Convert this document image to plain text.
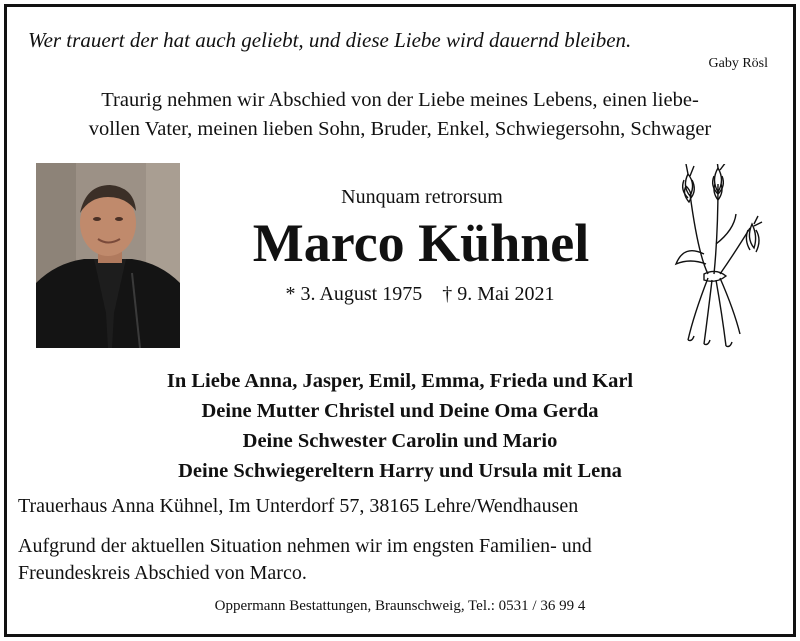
Wer trauert der hat auch geliebt, und diese Liebe wird dauernd bleiben.
Gaby Rösl
Traurig nehmen wir Abschied von der Liebe meines Lebens, einen liebe-
vollen Vater, meinen lieben Sohn, Bruder, Enkel, Schwiegersohn, Schwager
Nunquam retrorsum
Marco Kühnel
* 3. August 1975    † 9. Mai 2021
In Liebe Anna, Jasper, Emil, Emma, Frieda und Karl
Deine Mutter Christel und Deine Oma Gerda
Deine Schwester Carolin und Mario
Deine Schwiegereltern Harry und Ursula mit Lena
Trauerhaus Anna Kühnel, Im Unterdorf 57, 38165 Lehre/Wendhausen
Aufgrund der aktuellen Situation nehmen wir im engsten Familien- und
Freundeskreis Abschied von Marco.
Oppermann Bestattungen, Braunschweig, Tel.: 0531 / 36 99 4
